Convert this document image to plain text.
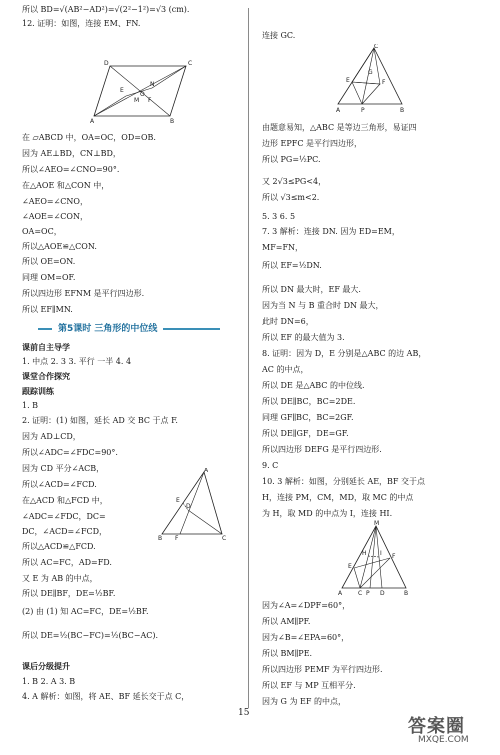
所以 BD=√(AB²−AD²)=√(2²−1²)=√3 (cm).
12. 证明：如图，连接 EM、FN.
在 ▱ABCD 中，OA=OC，OD=OB.
因为 AE⊥BD，CN⊥BD，
所以∠AEO=∠CNO=90°.
在△AOE 和△CON 中，
∠AEO=∠CNO，
∠AOE=∠CON，
OA=OC，
所以△AOE≌△CON.
所以 OE=ON.
同理 OM=OF.
所以四边形 EFNM 是平行四边形.
所以 EF∥MN.
课前自主导学
1. 中点 2. 3 3. 平行 一半 4. 4
课堂合作探究
跟踪训练
1. B
2. 证明：(1) 如图，延长 AD 交 BC 于点 F.
因为 AD⊥CD，
所以∠ADC=∠FDC=90°.
因为 CD 平分∠ACB，
所以∠ACD=∠FCD.
在△ACD 和△FCD 中，
∠ADC=∠FDC，DC=
DC，∠ACD=∠FCD，
所以△ACD≌△FCD.
所以 AC=FC，AD=FD.
又 E 为 AB 的中点，
所以 DE∥BF，DE=½BF.
(2) 由 (1) 知 AC=FC，DE=½BF.
所以 DE=½(BC−FC)=½(BC−AC).
课后分级提升
1. B 2. A 3. B
4. A 解析：如图，将 AE、BF 延长交于点 C，
连接 GC.
由题意易知，△ABC 是等边三角形，易证四
边形 EPFC 是平行四边形，
所以 PG=½PC.
又 2√3≤PG<4，
所以 √3≤m<2.
5. 3 6. 5
7. 3 解析：连接 DN. 因为 ED=EM，
MF=FN，
所以 EF=½DN.
所以 DN 最大时，EF 最大.
因为当 N 与 B 重合时 DN 最大，
此时 DN=6，
所以 EF 的最大值为 3.
8. 证明：因为 D，E 分别是△ABC 的边 AB，
AC 的中点，
所以 DE 是△ABC 的中位线.
所以 DE∥BC，BC=2DE.
同理 GF∥BC，BC=2GF.
所以 DE∥GF，DE=GF.
所以四边形 DEFG 是平行四边形.
9. C
10. 3 解析：如图，分别延长 AE，BF 交于点
H，连接 PM，CM，MD，取 MC 的中点
为 H，取 MD 的中点为 I，连接 HI.
因为∠A=∠DPF=60°，
所以 AM∥PF.
因为∠B=∠EPA=60°，
所以 BM∥PE.
所以四边形 PEMF 为平行四边形.
所以 EF 与 MP 互相平分.
因为 G 为 EF 的中点，
第5课时 三角形的中位线
D	C
A	B
E
M
O
N
F
A
B	C
F
E
D
C
A	B
P
E	F
G
M
A	B
C P D
E
F
H I
15
答案圈
MXQE.COM
